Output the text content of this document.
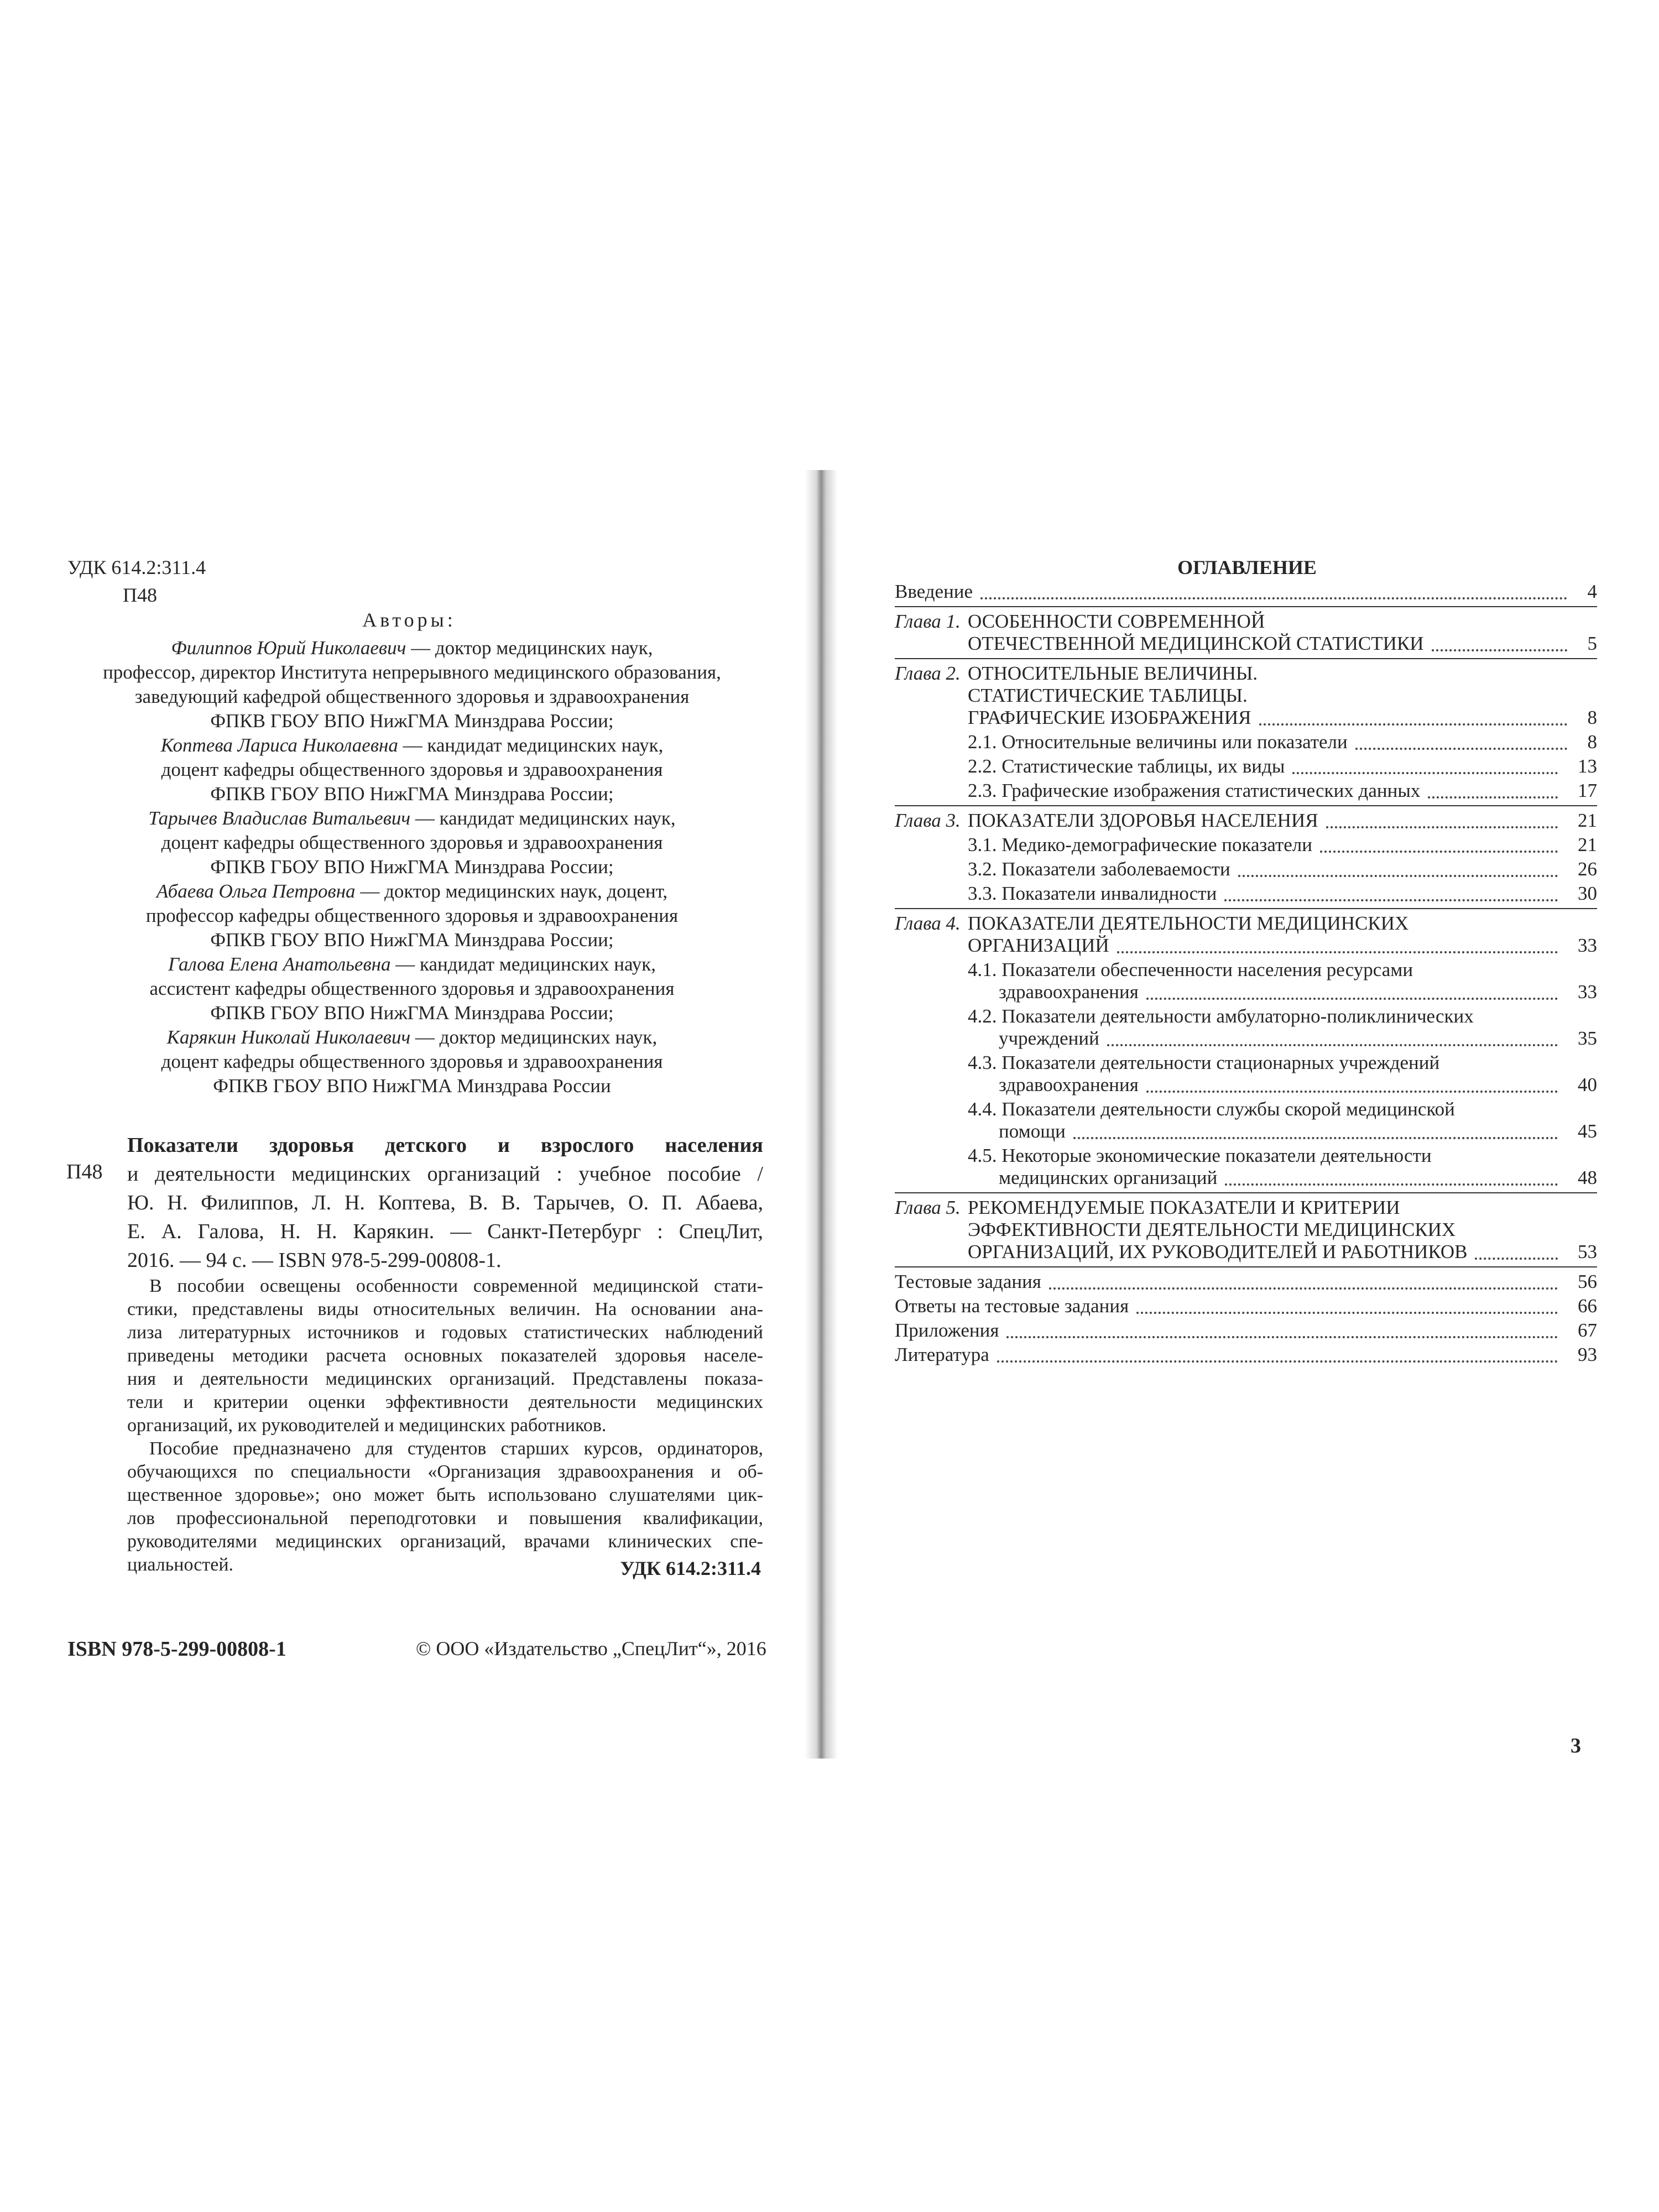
УДК 614.2:311.4
П48
Авторы:
Филиппов Юрий Николаевич — доктор медицинских наук,
профессор, директор Института непрерывного медицинского образования,
заведующий кафедрой общественного здоровья и здравоохранения
ФПКВ ГБОУ ВПО НижГМА Минздрава России;
Коптева Лариса Николаевна — кандидат медицинских наук,
доцент кафедры общественного здоровья и здравоохранения
ФПКВ ГБОУ ВПО НижГМА Минздрава России;
Тарычев Владислав Витальевич — кандидат медицинских наук,
доцент кафедры общественного здоровья и здравоохранения
ФПКВ ГБОУ ВПО НижГМА Минздрава России;
Абаева Ольга Петровна — доктор медицинских наук, доцент,
профессор кафедры общественного здоровья и здравоохранения
ФПКВ ГБОУ ВПО НижГМА Минздрава России;
Галова Елена Анатольевна — кандидат медицинских наук,
ассистент кафедры общественного здоровья и здравоохранения
ФПКВ ГБОУ ВПО НижГМА Минздрава России;
Карякин Николай Николаевич — доктор медицинских наук,
доцент кафедры общественного здоровья и здравоохранения
ФПКВ ГБОУ ВПО НижГМА Минздрава России
П48
Показатели здоровья детского и взрослого населения
и деятельности медицинских организаций : учебное пособие /
Ю. Н. Филиппов, Л. Н. Коптева, В. В. Тарычев, О. П. Абаева,
Е. А. Галова, Н. Н. Карякин. — Санкт-Петербург : СпецЛит,
2016. — 94 с. — ISBN 978-5-299-00808-1.
В пособии освещены особенности современной медицинской стати-
стики, представлены виды относительных величин. На основании ана-
лиза литературных источников и годовых статистических наблюдений
приведены методики расчета основных показателей здоровья населе-
ния и деятельности медицинских организаций. Представлены показа-
тели и критерии оценки эффективности деятельности медицинских
организаций, их руководителей и медицинских работников.
Пособие предназначено для студентов старших курсов, ординаторов,
обучающихся по специальности «Организация здравоохранения и об-
щественное здоровье»; оно может быть использовано слушателями цик-
лов профессиональной переподготовки и повышения квалификации,
руководителями медицинских организаций, врачами клинических спе-
циальностей.	УДК 614.2:311.4
ISBN 978-5-299-00808-1	© ООО «Издательство „СпецЛит“», 2016
ОГЛАВЛЕНИЕ
Введение	4
Глава 1. ОСОБЕННОСТИ СОВРЕМЕННОЙ
ОТЕЧЕСТВЕННОЙ МЕДИЦИНСКОЙ СТАТИСТИКИ	5
Глава 2. ОТНОСИТЕЛЬНЫЕ ВЕЛИЧИНЫ.
СТАТИСТИЧЕСКИЕ ТАБЛИЦЫ.
ГРАФИЧЕСКИЕ ИЗОБРАЖЕНИЯ	8
2.1. Относительные величины или показатели	8
2.2. Статистические таблицы, их виды	13
2.3. Графические изображения статистических данных	17
Глава 3. ПОКАЗАТЕЛИ ЗДОРОВЬЯ НАСЕЛЕНИЯ	21
3.1. Медико-демографические показатели	21
3.2. Показатели заболеваемости	26
3.3. Показатели инвалидности	30
Глава 4. ПОКАЗАТЕЛИ ДЕЯТЕЛЬНОСТИ МЕДИЦИНСКИХ
ОРГАНИЗАЦИЙ	33
4.1. Показатели обеспеченности населения ресурсами
здравоохранения	33
4.2. Показатели деятельности амбулаторно-поликлинических
учреждений	35
4.3. Показатели деятельности стационарных учреждений
здравоохранения	40
4.4. Показатели деятельности службы скорой медицинской
помощи	45
4.5. Некоторые экономические показатели деятельности
медицинских организаций	48
Глава 5. РЕКОМЕНДУЕМЫЕ ПОКАЗАТЕЛИ И КРИТЕРИИ
ЭФФЕКТИВНОСТИ ДЕЯТЕЛЬНОСТИ МЕДИЦИНСКИХ
ОРГАНИЗАЦИЙ, ИХ РУКОВОДИТЕЛЕЙ И РАБОТНИКОВ	53
Тестовые задания	56
Ответы на тестовые задания	66
Приложения	67
Литература	93
3
